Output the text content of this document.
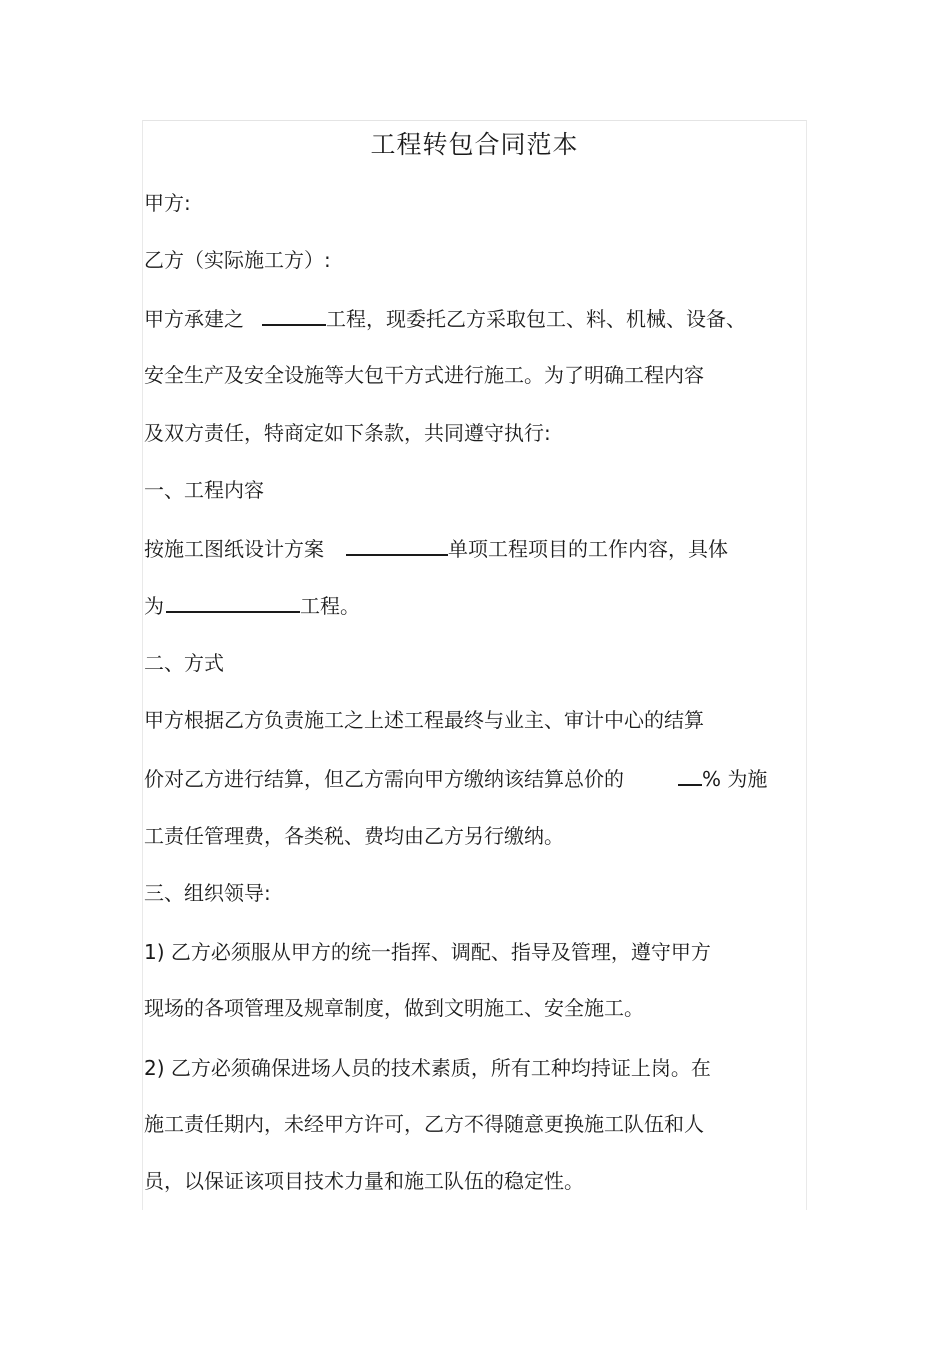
工程转包合同范本
甲方:
乙方（实际施工方）:
甲方承建之	工程，现委托乙方采取包工、料、机械、设备、
安全生产及安全设施等大包干方式进行施工。为了明确工程内容
及双方责任，特商定如下条款，共同遵守执行:
一、工程内容
按施工图纸设计方案	单项工程项目的工作内容，具体
为	工程。
二、方式
甲方根据乙方负责施工之上述工程最终与业主、审计中心的结算
价对乙方进行结算，但乙方需向甲方缴纳该结算总价的	% 为施
工责任管理费，各类税、费均由乙方另行缴纳。
三、组织领导:
1) 乙方必须服从甲方的统一指挥、调配、指导及管理，遵守甲方
现场的各项管理及规章制度，做到文明施工、安全施工。
2) 乙方必须确保进场人员的技术素质，所有工种均持证上岗。在
施工责任期内，未经甲方许可，乙方不得随意更换施工队伍和人
员，以保证该项目技术力量和施工队伍的稳定性。
